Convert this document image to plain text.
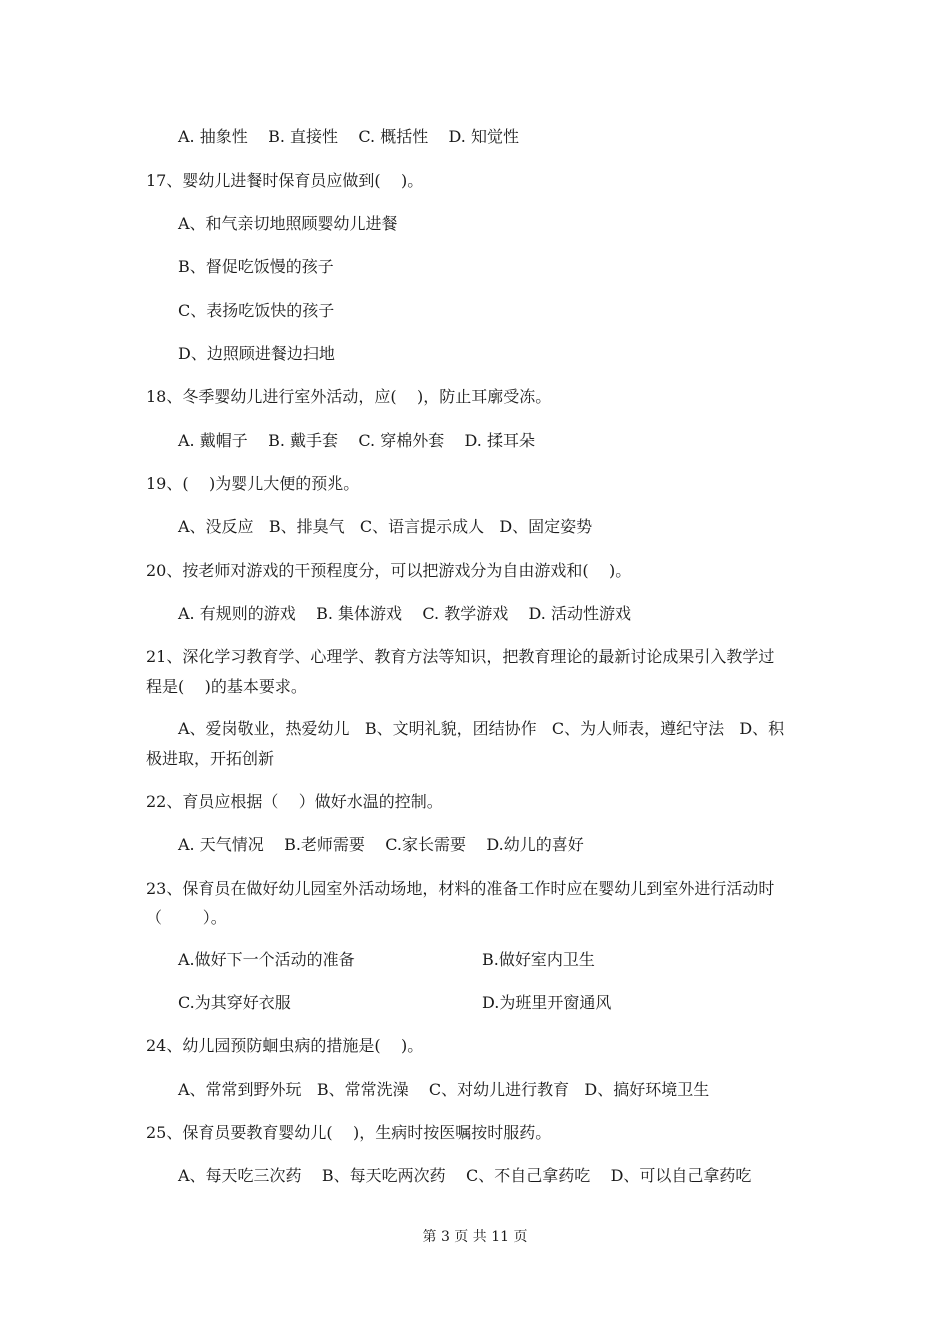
A. 抽象性    B. 直接性    C. 概括性    D. 知觉性
17、婴幼儿进餐时保育员应做到(    )。
A、和气亲切地照顾婴幼儿进餐
B、督促吃饭慢的孩子
C、表扬吃饭快的孩子
D、边照顾进餐边扫地
18、冬季婴幼儿进行室外活动，应(    )，防止耳廓受冻。
A. 戴帽子    B. 戴手套    C. 穿棉外套    D. 揉耳朵
19、(    )为婴儿大便的预兆。
A、没反应   B、排臭气   C、语言提示成人   D、固定姿势
20、按老师对游戏的干预程度分，可以把游戏分为自由游戏和(    )。
A. 有规则的游戏    B. 集体游戏    C. 教学游戏    D. 活动性游戏
21、深化学习教育学、心理学、教育方法等知识，把教育理论的最新讨论成果引入教学过
程是(    )的基本要求。
A、爱岗敬业，热爱幼儿   B、文明礼貌，团结协作   C、为人师表，遵纪守法   D、积
极进取，开拓创新
22、育员应根据（    ）做好水温的控制。
A. 天气情况    B.老师需要    C.家长需要    D.幼儿的喜好
23、保育员在做好幼儿园室外活动场地，材料的准备工作时应在婴幼儿到室外进行活动时
（        ）。
A.做好下一个活动的准备	B.做好室内卫生
C.为其穿好衣服	D.为班里开窗通风
24、幼儿园预防蛔虫病的措施是(    )。
A、常常到野外玩   B、常常洗澡    C、对幼儿进行教育   D、搞好环境卫生
25、保育员要教育婴幼儿(    )，生病时按医嘱按时服药。
A、每天吃三次药    B、每天吃两次药    C、不自己拿药吃    D、可以自己拿药吃
第 3 页 共 11 页
